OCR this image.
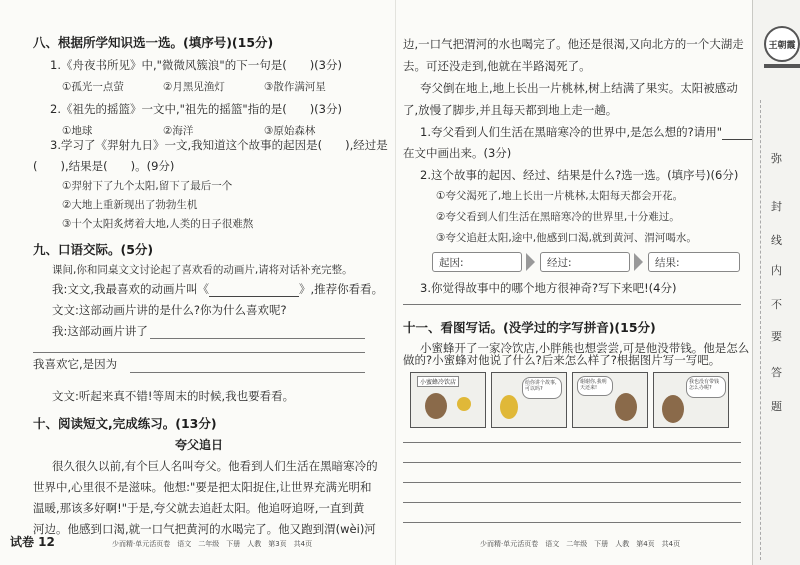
八、根据所学知识选一选。(填序号)(15分)
1.《舟夜书所见》中,"微微风簇浪"的下一句是(　　)(3分)
①孤光一点萤	②月黑见渔灯	③散作满河星
2.《祖先的摇篮》一文中,"祖先的摇篮"指的是(　　)(3分)
①地球	②海洋	③原始森林
3.学习了《羿射九日》一文,我知道这个故事的起因是(　　),经过是
(　　),结果是(　　)。(9分)
①羿射下了九个太阳,留下了最后一个
②大地上重新现出了勃勃生机
③十个太阳炙烤着大地,人类的日子很难熬
九、口语交际。(5分)
课间,你和同桌文文讨论起了喜欢看的动画片,请将对话补充完整。
我:文文,我最喜欢的动画片叫《	》,推荐你看看。
文文:这部动画片讲的是什么?你为什么喜欢呢?
我:这部动画片讲了
我喜欢它,是因为
文文:听起来真不错!等周末的时候,我也要看看。
十、阅读短文,完成练习。(13分)
夸父追日
很久很久以前,有个巨人名叫夸父。他看到人们生活在黑暗寒冷的
世界中,心里很不是滋味。他想:"要是把太阳捉住,让世界充满光明和
温暖,那该多好啊!"于是,夸父就去追赶太阳。他追呀追呀,一直到黄
河边。他感到口渴,就一口气把黄河的水喝完了。他又跑到渭(wèi)河
试卷 12	少而精·单元活页卷　语文　二年级　下册　人教　第3页　共4页
边,一口气把渭河的水也喝完了。他还是很渴,又向北方的一个大湖走
去。可还没走到,他就在半路渴死了。
夸父倒在地上,地上长出一片桃林,树上结满了果实。太阳被感动
了,放慢了脚步,并且每天都到地上走一趟。
1.夸父看到人们生活在黑暗寒冷的世界中,是怎么想的?请用"
在文中画出来。(3分)
2.这个故事的起因、经过、结果是什么?选一选。(填序号)(6分)
①夸父渴死了,地上长出一片桃林,太阳每天都会开花。
②夸父看到人们生活在黑暗寒冷的世界里,十分难过。
③夸父追赶太阳,途中,他感到口渴,就到黄河、渭河喝水。
起因:	经过:	结果:
3.你觉得故事中的哪个地方很神奇?写下来吧!(4分)
十一、看图写话。(没学过的字写拼音)(15分)
小蜜蜂开了一家冷饮店,小胖熊也想尝尝,可是他没带钱。他是怎么
做的?小蜜蜂对他说了什么?后来怎么样了?根据图片写一写吧。
小蜜蜂冷饮店	给你讲个故事,可以吗?
谢谢你,我明天还来!
我也没有带钱怎么办呢?
少而精·单元活页卷　语文　二年级　下册　人教　第4页　共4页
王朝霞
弥
封
线
内
不
要
答
题
